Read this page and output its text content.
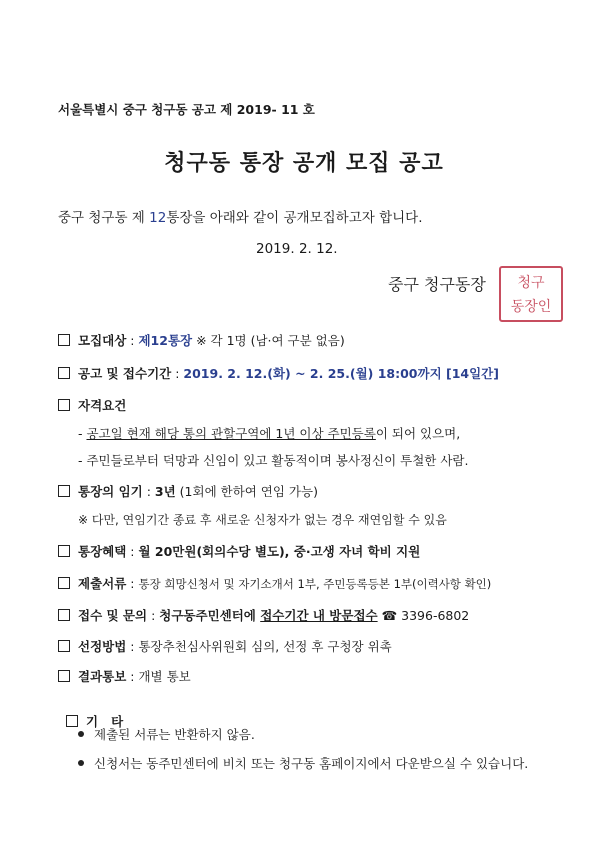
서울특별시 중구 청구동 공고 제 2019- 11 호
청구동 통장 공개 모집 공고
중구 청구동 제 12통장을 아래와 같이 공개모집하고자 합니다.
2019. 2. 12.
중구 청구동장	청구
동장인
모집대상 : 제12통장 ※ 각 1명 (남·여 구분 없음)
공고 및 접수기간 : 2019. 2. 12.(화) ~ 2. 25.(월) 18:00까지 [14일간]
자격요건
- 공고일 현재 해당 통의 관할구역에 1년 이상 주민등록이 되어 있으며,
- 주민들로부터 덕망과 신임이 있고 활동적이며 봉사정신이 투철한 사람.
통장의 임기 : 3년 (1회에 한하여 연임 가능)
※ 다만, 연임기간 종료 후 새로운 신청자가 없는 경우 재연임할 수 있음
통장혜택 : 월 20만원(회의수당 별도), 중·고생 자녀 학비 지원
제출서류 : 통장 희망신청서 및 자기소개서 1부, 주민등록등본 1부(이력사항 확인)
접수 및 문의 : 청구동주민센터에 접수기간 내 방문접수 ☎ 3396-6802
선정방법 : 통장추천심사위원회 심의, 선정 후 구청장 위촉
결과통보 : 개별 통보

기   타

제출된 서류는 반환하지 않음.
신청서는 동주민센터에 비치 또는 청구동 홈페이지에서 다운받으실 수 있습니다.
